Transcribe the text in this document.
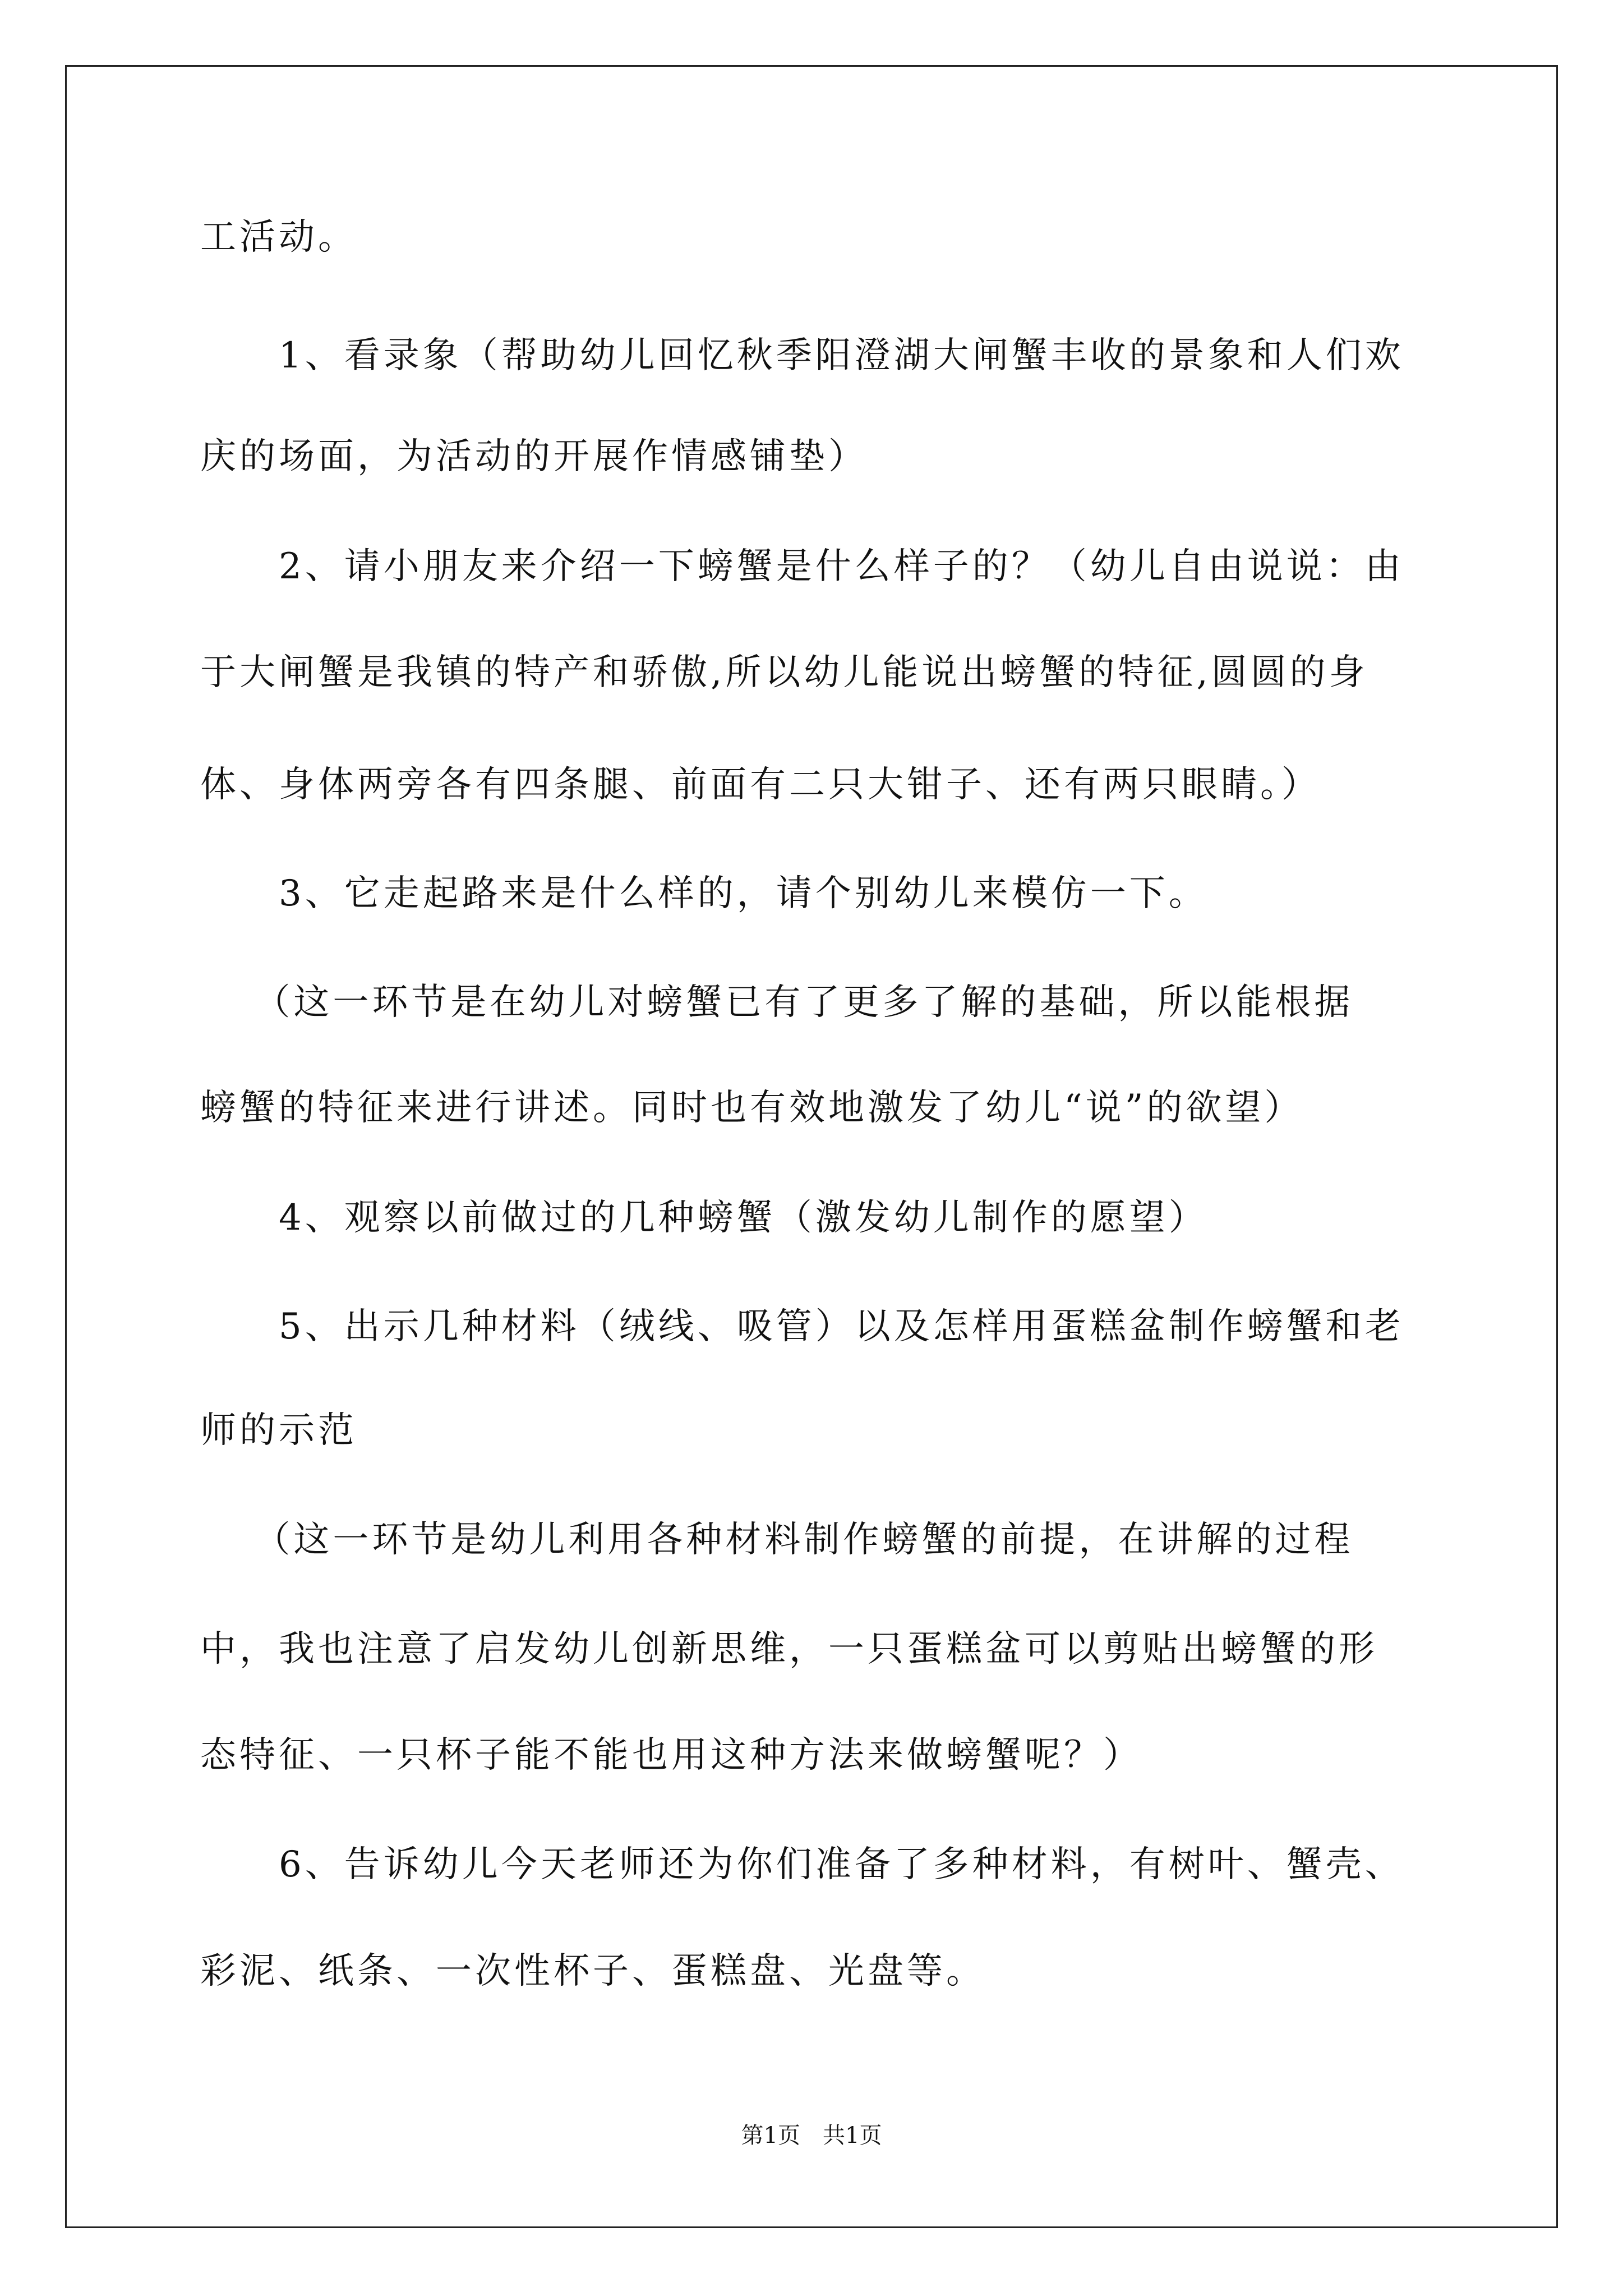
工活动。
　　1、看录象（帮助幼儿回忆秋季阳澄湖大闸蟹丰收的景象和人们欢
庆的场面，为活动的开展作情感铺垫）
　　2、请小朋友来介绍一下螃蟹是什么样子的？（幼儿自由说说：由
于大闸蟹是我镇的特产和骄傲,所以幼儿能说出螃蟹的特征,圆圆的身
体、身体两旁各有四条腿、前面有二只大钳子、还有两只眼睛。）
　　3、它走起路来是什么样的，请个别幼儿来模仿一下。
　 （这一环节是在幼儿对螃蟹已有了更多了解的基础，所以能根据
螃蟹的特征来进行讲述。同时也有效地激发了幼儿“说”的欲望）
　　4、观察以前做过的几种螃蟹（激发幼儿制作的愿望）
　　5、出示几种材料（绒线、吸管）以及怎样用蛋糕盆制作螃蟹和老
师的示范
　 （这一环节是幼儿利用各种材料制作螃蟹的前提，在讲解的过程
中，我也注意了启发幼儿创新思维，一只蛋糕盆可以剪贴出螃蟹的形
态特征、一只杯子能不能也用这种方法来做螃蟹呢？）
　　6、告诉幼儿今天老师还为你们准备了多种材料，有树叶、蟹壳、
彩泥、纸条、一次性杯子、蛋糕盘、光盘等。
第1页　共1页
